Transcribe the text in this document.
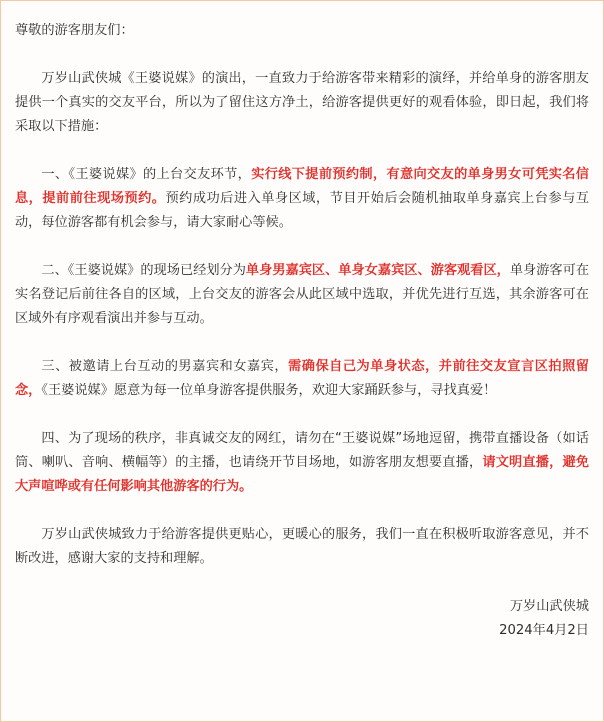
尊敬的游客朋友们：

万岁山武侠城《王婆说媒》的演出，一直致力于给游客带来精彩的演绎，并给单身的游客朋友提供一个真实的交友平台，所以为了留住这方净土，给游客提供更好的观看体验，即日起，我们将采取以下措施：

一、《王婆说媒》的上台交友环节，实行线下提前预约制，有意向交友的单身男女可凭实名信息，提前前往现场预约。预约成功后进入单身区域，节目开始后会随机抽取单身嘉宾上台参与互动，每位游客都有机会参与，请大家耐心等候。

二、《王婆说媒》的现场已经划分为单身男嘉宾区、单身女嘉宾区、游客观看区，单身游客可在实名登记后前往各自的区域，上台交友的游客会从此区域中选取，并优先进行互选，其余游客可在区域外有序观看演出并参与互动。

三、被邀请上台互动的男嘉宾和女嘉宾，需确保自己为单身状态，并前往交友宣言区拍照留念，《王婆说媒》愿意为每一位单身游客提供服务，欢迎大家踊跃参与，寻找真爱！

四、为了现场的秩序，非真诚交友的网红，请勿在“王婆说媒”场地逗留，携带直播设备（如话筒、喇叭、音响、横幅等）的主播，也请绕开节目场地，如游客朋友想要直播，请文明直播，避免大声喧哗或有任何影响其他游客的行为。

万岁山武侠城致力于给游客提供更贴心，更暖心的服务，我们一直在积极听取游客意见，并不断改进，感谢大家的支持和理解。

万岁山武侠城

2024年4月2日
